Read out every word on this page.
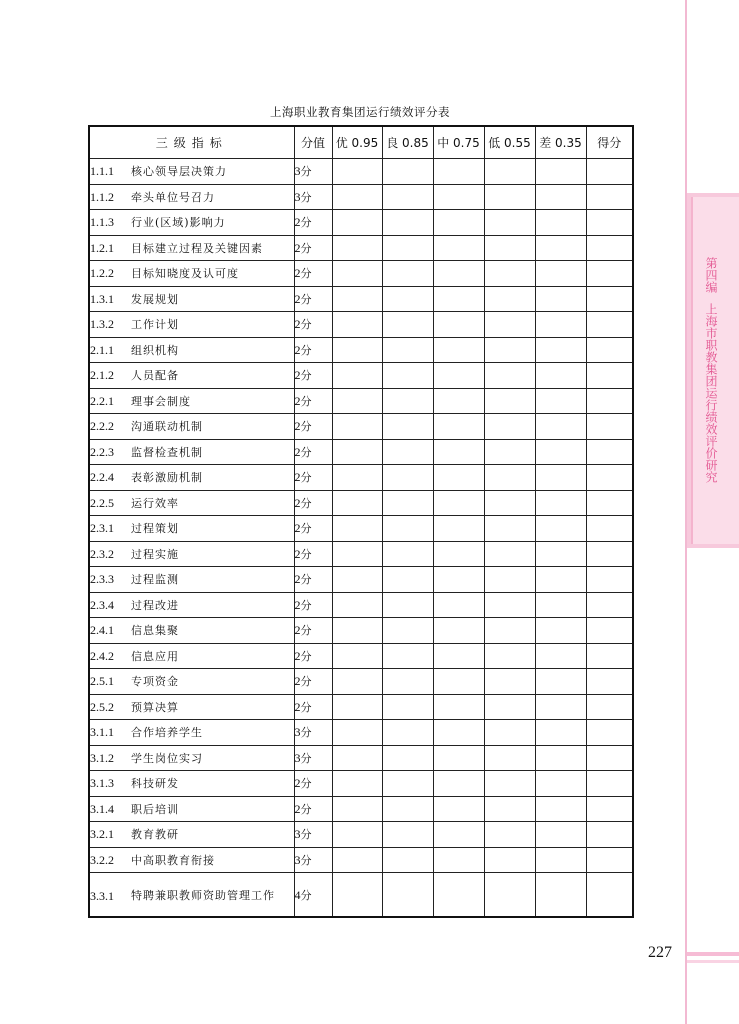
第四编上海市职教集团运行绩效评价研究
上海职业教育集团运行绩效评分表
三级指标	分值	优 0.95	良 0.85	中 0.75	低 0.55	差 0.35	得分
1.1.1 核心领导层决策力	3分						
1.1.2 牵头单位号召力	3分						
1.1.3 行业(区域)影响力	2分						
1.2.1 目标建立过程及关键因素	2分						
1.2.2 目标知晓度及认可度	2分						
1.3.1 发展规划	2分						
1.3.2 工作计划	2分						
2.1.1 组织机构	2分						
2.1.2 人员配备	2分						
2.2.1 理事会制度	2分						
2.2.2 沟通联动机制	2分						
2.2.3 监督检查机制	2分						
2.2.4 表彰激励机制	2分						
2.2.5 运行效率	2分						
2.3.1 过程策划	2分						
2.3.2 过程实施	2分						
2.3.3 过程监测	2分						
2.3.4 过程改进	2分						
2.4.1 信息集聚	2分						
2.4.2 信息应用	2分						
2.5.1 专项资金	2分						
2.5.2 预算决算	2分						
3.1.1 合作培养学生	3分						
3.1.2 学生岗位实习	3分						
3.1.3 科技研发	2分						
3.1.4 职后培训	2分						
3.2.1 教育教研	3分						
3.2.2 中高职教育衔接	3分						
3.3.1 特聘兼职教师资助管理工作	4分						
227
